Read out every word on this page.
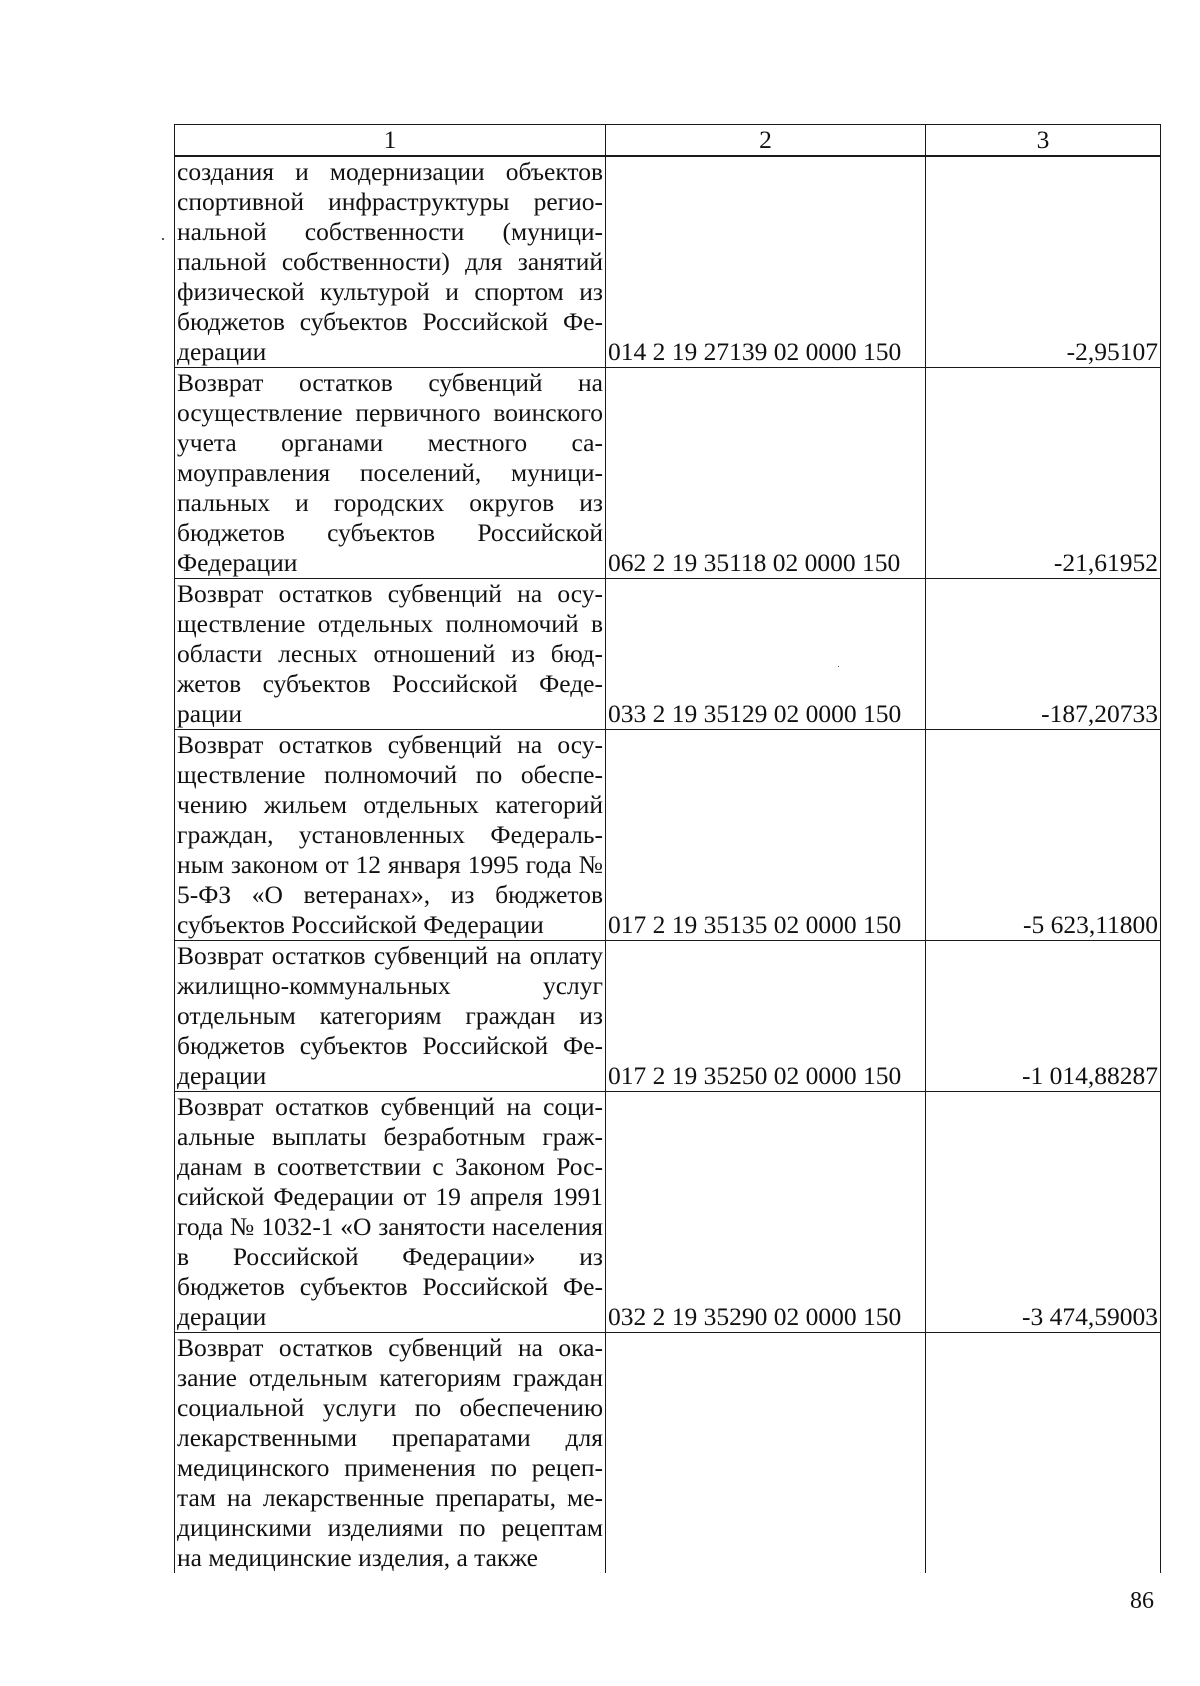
1	2	3
создания и модернизации объектов спортивной инфраструктуры региональной собственности (муниципальной собственности) для занятий физической культурой и спортом из бюджетов субъектов Российской Федерации	014 2 19 27139 02 0000 150	-2,95107
Возврат остатков субвенций на осуществление первичного воинского учета органами местного самоуправления поселений, муниципальных и городских округов из бюджетов субъектов Российской Федерации	062 2 19 35118 02 0000 150	-21,61952
Возврат остатков субвенций на осуществление отдельных полномочий в области лесных отношений из бюджетов субъектов Российской Федерации	033 2 19 35129 02 0000 150	-187,20733
Возврат остатков субвенций на осуществление полномочий по обеспечению жильем отдельных категорий граждан, установленных Федеральным законом от 12 января 1995 года № 5-ФЗ «О ветеранах», из бюджетов субъектов Российской Федерации	017 2 19 35135 02 0000 150	-5 623,11800
Возврат остатков субвенций на оплату жилищно-коммунальных услуг отдельным категориям граждан из бюджетов субъектов Российской Федерации	017 2 19 35250 02 0000 150	-1 014,88287
Возврат остатков субвенций на социальные выплаты безработным гражданам в соответствии с Законом Российской Федерации от 19 апреля 1991 года № 1032-1 «О занятости населения в Российской Федерации» из бюджетов субъектов Российской Федерации	032 2 19 35290 02 0000 150	-3 474,59003
Возврат остатков субвенций на оказание отдельным категориям граждан социальной услуги по обеспечению лекарственными препаратами для медицинского применения по рецептам на лекарственные препараты, медицинскими изделиями по рецептам на медицинские изделия, а также		
86
